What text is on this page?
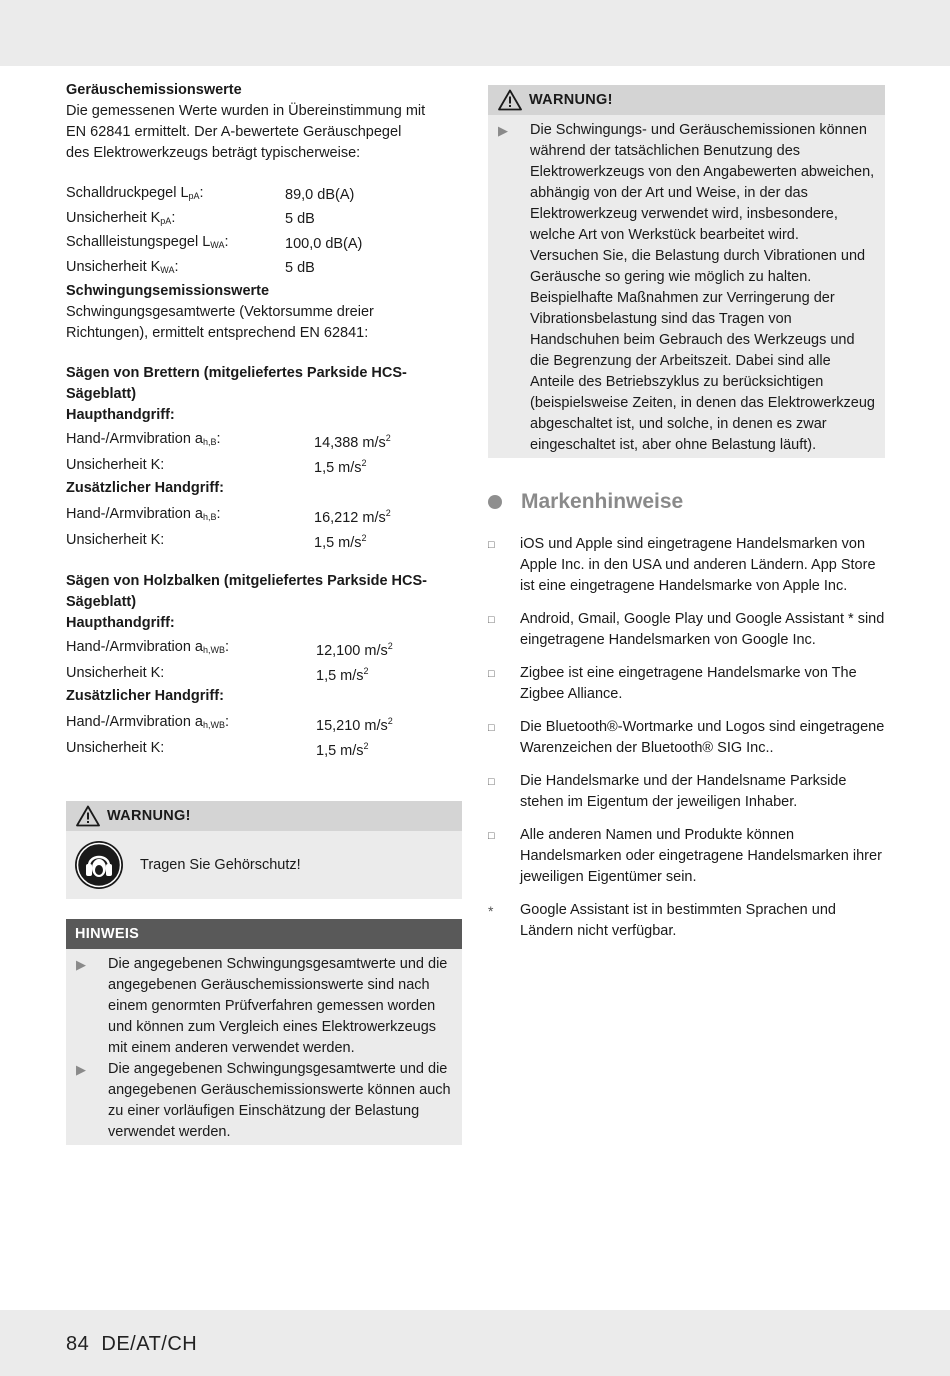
Geräuschemissionswerte
Die gemessenen Werte wurden in Übereinstimmung mit EN 62841 ermittelt. Der A-bewertete Geräuschpegel des Elektrowerkzeugs beträgt typischerweise:
Schalldruckpegel $L_{pA}$:	89,0 dB(A)
Unsicherheit $K_{pA}$:	5 dB
Schallleistungspegel $L_{WA}$:	100,0 dB(A)
Unsicherheit $K_{WA}$:	5 dB
Schwingungsemissionswerte
Schwingungsgesamtwerte (Vektorsumme dreier Richtungen), ermittelt entsprechend EN 62841:
Sägen von Brettern (mitgeliefertes Parkside HCS-Sägeblatt)
Haupthandgriff:
Hand-/Armvibration $a_{h,B}$:	14,388 $m/s^2$
Unsicherheit K:	1,5 $m/s^2$
Zusätzlicher Handgriff:
Hand-/Armvibration $a_{h,B}$:	16,212 $m/s^2$
Unsicherheit K:	1,5 $m/s^2$
Sägen von Holzbalken (mitgeliefertes Parkside HCS-Sägeblatt)
Haupthandgriff:
Hand-/Armvibration $a_{h,WB}$:	12,100 $m/s^2$
Unsicherheit K:	1,5 $m/s^2$
Zusätzlicher Handgriff:
Hand-/Armvibration $a_{h,WB}$:	15,210 $m/s^2$
Unsicherheit K:	1,5 $m/s^2$
WARNUNG!
Tragen Sie Gehörschutz!
HINWEIS
▶	Die angegebenen Schwingungsgesamtwerte und die angegebenen Geräuschemissionswerte sind nach einem genormten Prüfverfahren gemessen worden und können zum Vergleich eines Elektrowerkzeugs mit einem anderen verwendet werden.
▶	Die angegebenen Schwingungsgesamtwerte und die angegebenen Geräuschemissionswerte können auch zu einer vorläufigen Einschätzung der Belastung verwendet werden.
WARNUNG!
▶	Die Schwingungs- und Geräuschemissionen können während der tatsächlichen Benutzung des Elektrowerkzeugs von den Angabewerten abweichen, abhängig von der Art und Weise, in der das Elektrowerkzeug verwendet wird, insbesondere, welche Art von Werkstück bearbeitet wird.
Versuchen Sie, die Belastung durch Vibrationen und Geräusche so gering wie möglich zu halten. Beispielhafte Maßnahmen zur Verringerung der Vibrationsbelastung sind das Tragen von Handschuhen beim Gebrauch des Werkzeugs und die Begrenzung der Arbeitszeit. Dabei sind alle Anteile des Betriebszyklus zu berücksichtigen (beispielsweise Zeiten, in denen das Elektrowerkzeug abgeschaltet ist, und solche, in denen es zwar eingeschaltet ist, aber ohne Belastung läuft).
Markenhinweise
□	iOS und Apple sind eingetragene Handelsmarken von Apple Inc. in den USA und anderen Ländern. App Store ist eine eingetragene Handelsmarke von Apple Inc.
□	Android, Gmail, Google Play und Google Assistant * sind eingetragene Handelsmarken von Google Inc.
□	Zigbee ist eine eingetragene Handelsmarke von The Zigbee Alliance.
□	Die Bluetooth®-Wortmarke und Logos sind eingetragene Warenzeichen der Bluetooth® SIG Inc..
□	Die Handelsmarke und der Handelsname Parkside stehen im Eigentum der jeweiligen Inhaber.
□	Alle anderen Namen und Produkte können Handelsmarken oder eingetragene Handelsmarken ihrer jeweiligen Eigentümer sein.
*	Google Assistant ist in bestimmten Sprachen und Ländern nicht verfügbar.
84 DE/AT/CH
